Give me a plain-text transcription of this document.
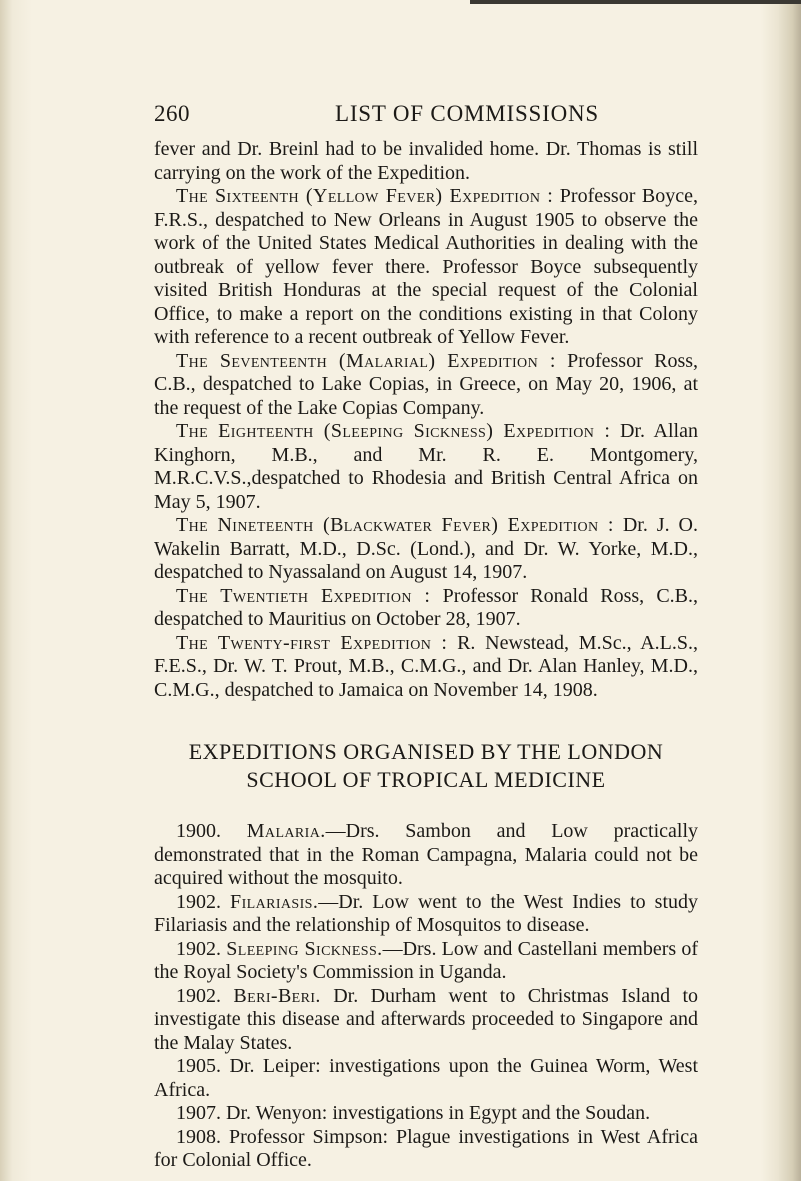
260	LIST OF COMMISSIONS

fever and Dr. Breinl had to be invalided home. Dr. Thomas is still carrying on the work of the Expedition.

The Sixteenth (Yellow Fever) Expedition : Professor Boyce, F.R.S., despatched to New Orleans in August 1905 to observe the work of the United States Medical Authorities in dealing with the outbreak of yellow fever there. Professor Boyce subsequently visited British Honduras at the special request of the Colonial Office, to make a report on the conditions existing in that Colony with reference to a recent outbreak of Yellow Fever.

The Seventeenth (Malarial) Expedition : Professor Ross, C.B., despatched to Lake Copias, in Greece, on May 20, 1906, at the request of the Lake Copias Company.

The Eighteenth (Sleeping Sickness) Expedition : Dr. Allan Kinghorn, M.B., and Mr. R. E. Montgomery, M.R.C.V.S.,despatched to Rhodesia and British Central Africa on May 5, 1907.

The Nineteenth (Blackwater Fever) Expedition : Dr. J. O. Wakelin Barratt, M.D., D.Sc. (Lond.), and Dr. W. Yorke, M.D., despatched to Nyassaland on August 14, 1907.

The Twentieth Expedition : Professor Ronald Ross, C.B., despatched to Mauritius on October 28, 1907.

The Twenty-first Expedition : R. Newstead, M.Sc., A.L.S., F.E.S., Dr. W. T. Prout, M.B., C.M.G., and Dr. Alan Hanley, M.D., C.M.G., despatched to Jamaica on November 14, 1908.

EXPEDITIONS ORGANISED BY THE LONDON
SCHOOL OF TROPICAL MEDICINE

1900. Malaria.—Drs. Sambon and Low practically demonstrated that in the Roman Campagna, Malaria could not be acquired without the mosquito.

1902. Filariasis.—Dr. Low went to the West Indies to study Filariasis and the relationship of Mosquitos to disease.

1902. Sleeping Sickness.—Drs. Low and Castellani members of the Royal Society's Commission in Uganda.

1902. Beri-Beri. Dr. Durham went to Christmas Island to investigate this disease and afterwards proceeded to Singapore and the Malay States.

1905. Dr. Leiper: investigations upon the Guinea Worm, West Africa.

1907. Dr. Wenyon: investigations in Egypt and the Soudan.

1908. Professor Simpson: Plague investigations in West Africa for Colonial Office.
